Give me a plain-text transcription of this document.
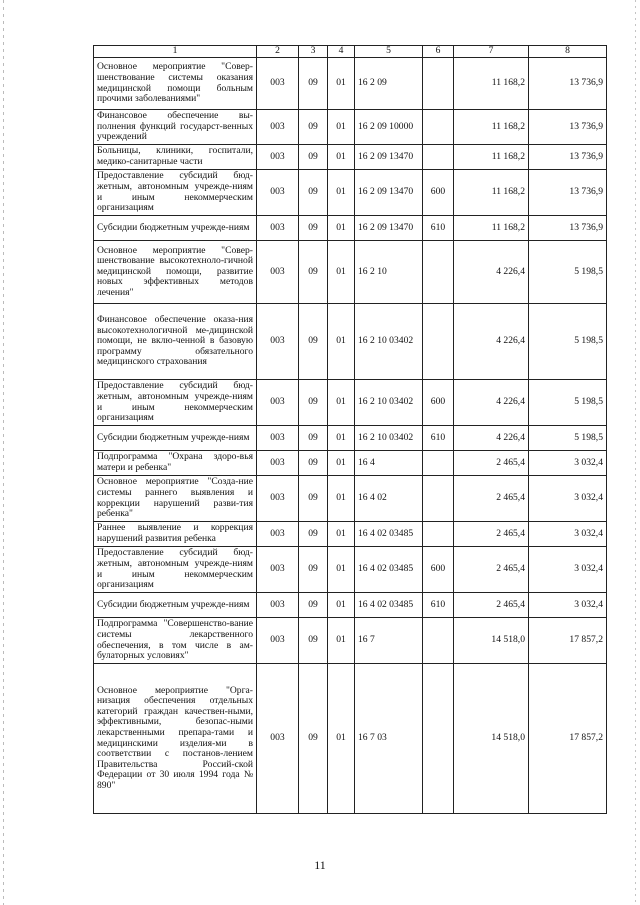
1	2	3	4	5	6	7	8
Основное мероприятие "Совер-шенствование системы оказания медицинской помощи больным прочими заболеваниями"	003	09	01	16 2 09		11 168,2	13 736,9
Финансовое обеспечение вы-полнения функций государст-венных учреждений	003	09	01	16 2 09 10000		11 168,2	13 736,9
Больницы, клиники, госпитали, медико-санитарные части	003	09	01	16 2 09 13470		11 168,2	13 736,9
Предоставление субсидий бюд-жетным, автономным учрежде-ниям и иным некоммерческим организациям	003	09	01	16 2 09 13470	600	11 168,2	13 736,9
Субсидии бюджетным учрежде-ниям	003	09	01	16 2 09 13470	610	11 168,2	13 736,9
Основное мероприятие "Совер-шенствование высокотехноло-гичной медицинской помощи, развитие новых эффективных методов лечения"	003	09	01	16 2 10		4 226,4	5 198,5
Финансовое обеспечение оказа-ния высокотехнологичной ме-дицинской помощи, не вклю-ченной в базовую программу обязательного медицинского страхования	003	09	01	16 2 10 03402		4 226,4	5 198,5
Предоставление субсидий бюд-жетным, автономным учрежде-ниям и иным некоммерческим организациям	003	09	01	16 2 10 03402	600	4 226,4	5 198,5
Субсидии бюджетным учрежде-ниям	003	09	01	16 2 10 03402	610	4 226,4	5 198,5
Подпрограмма "Охрана здоро-вья матери и ребенка"	003	09	01	16 4		2 465,4	3 032,4
Основное мероприятие "Созда-ние системы раннего выявления и коррекции нарушений разви-тия ребенка"	003	09	01	16 4 02		2 465,4	3 032,4
Раннее выявление и коррекция нарушений развития ребенка	003	09	01	16 4 02 03485		2 465,4	3 032,4
Предоставление субсидий бюд-жетным, автономным учрежде-ниям и иным некоммерческим организациям	003	09	01	16 4 02 03485	600	2 465,4	3 032,4
Субсидии бюджетным учрежде-ниям	003	09	01	16 4 02 03485	610	2 465,4	3 032,4
Подпрограмма "Совершенство-вание системы лекарственного обеспечения, в том числе в ам-булаторных условиях"	003	09	01	16 7		14 518,0	17 857,2
Основное мероприятие "Орга-низация обеспечения отдельных категорий граждан качествен-ными, эффективными, безопас-ными лекарственными препара-тами и медицинскими изделия-ми в соответствии с постанов-лением Правительства Россий-ской Федерации от 30 июля 1994 года № 890"	003	09	01	16 7 03		14 518,0	17 857,2
11
